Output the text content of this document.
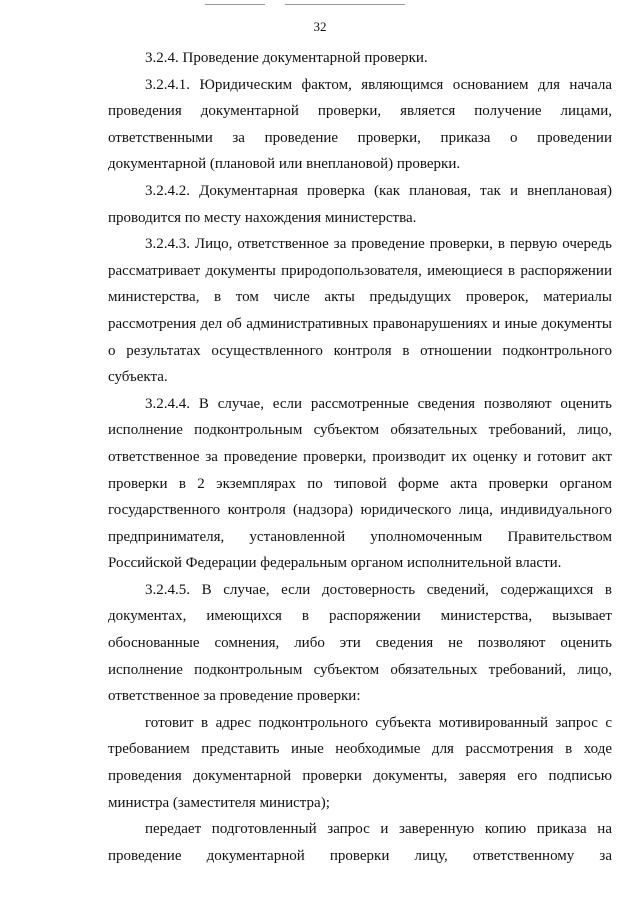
32

3.2.4. Проведение документарной проверки.

3.2.4.1. Юридическим фактом, являющимся основанием для начала проведения документарной проверки, является получение лицами, ответственными за проведение проверки, приказа о проведении документарной (плановой или внеплановой) проверки.

3.2.4.2. Документарная проверка (как плановая, так и внеплановая) проводится по месту нахождения министерства.

3.2.4.3. Лицо, ответственное за проведение проверки, в первую очередь рассматривает документы природопользователя, имеющиеся в распоряжении министерства, в том числе акты предыдущих проверок, материалы рассмотрения дел об административных правонарушениях и иные документы о результатах осуществленного контроля в отношении подконтрольного субъекта.

3.2.4.4. В случае, если рассмотренные сведения позволяют оценить исполнение подконтрольным субъектом обязательных требований, лицо, ответственное за проведение проверки, производит их оценку и готовит акт проверки в 2 экземплярах по типовой форме акта проверки органом государственного контроля (надзора) юридического лица, индивидуального предпринимателя, установленной уполномоченным Правительством Российской Федерации федеральным органом исполнительной власти.

3.2.4.5. В случае, если достоверность сведений, содержащихся в документах, имеющихся в распоряжении министерства, вызывает обоснованные сомнения, либо эти сведения не позволяют оценить исполнение подконтрольным субъектом обязательных требований, лицо, ответственное за проведение проверки:

готовит в адрес подконтрольного субъекта мотивированный запрос с требованием представить иные необходимые для рассмотрения в ходе проведения документарной проверки документы, заверяя его подписью министра (заместителя министра);

передает подготовленный запрос и заверенную копию приказа на проведение документарной проверки лицу, ответственному за
